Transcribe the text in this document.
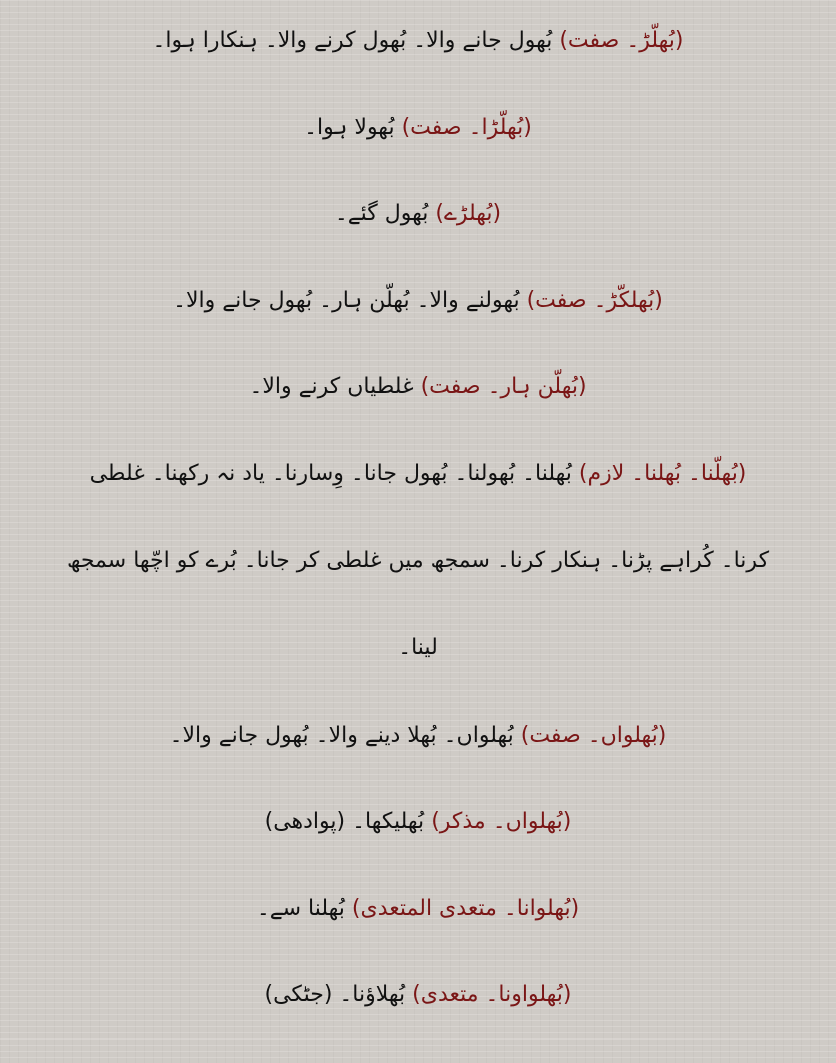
(بُھلّڑ۔ صفت) بُھول جانے والا۔ بُھول کرنے والا۔ ہنکارا ہوا۔

(بُھلّڑا۔ صفت) بُھولا ہوا۔

(بُھلڑے) بُھول گئے۔

(بُھلکّڑ۔ صفت) بُھولنے والا۔ بُھلّن ہار۔ بُھول جانے والا۔

(بُھلّن ہار۔ صفت) غلطیاں کرنے والا۔

(بُھلّنا۔ بُھلنا۔ لازم) بُھلنا۔ بُھولنا۔ بُھول جانا۔ وِسارنا۔ یاد نہ رکھنا۔ غلطی
کرنا۔ کُراہے پڑنا۔ ہنکار کرنا۔ سمجھ میں غلطی کر جانا۔ بُرے کو اچّھا سمجھ
لینا۔

(بُھلواں۔ صفت) بُھلواں۔ بُھلا دینے والا۔ بُھول جانے والا۔

(بُھلواں۔ مذکر) بُھلیکھا۔ (پوادھی)

(بُھلوانا۔ متعدی المتعدی) بُھلنا سے۔

(بُھلواونا۔ متعدی) بُھلاؤنا۔ (جٹکی)
